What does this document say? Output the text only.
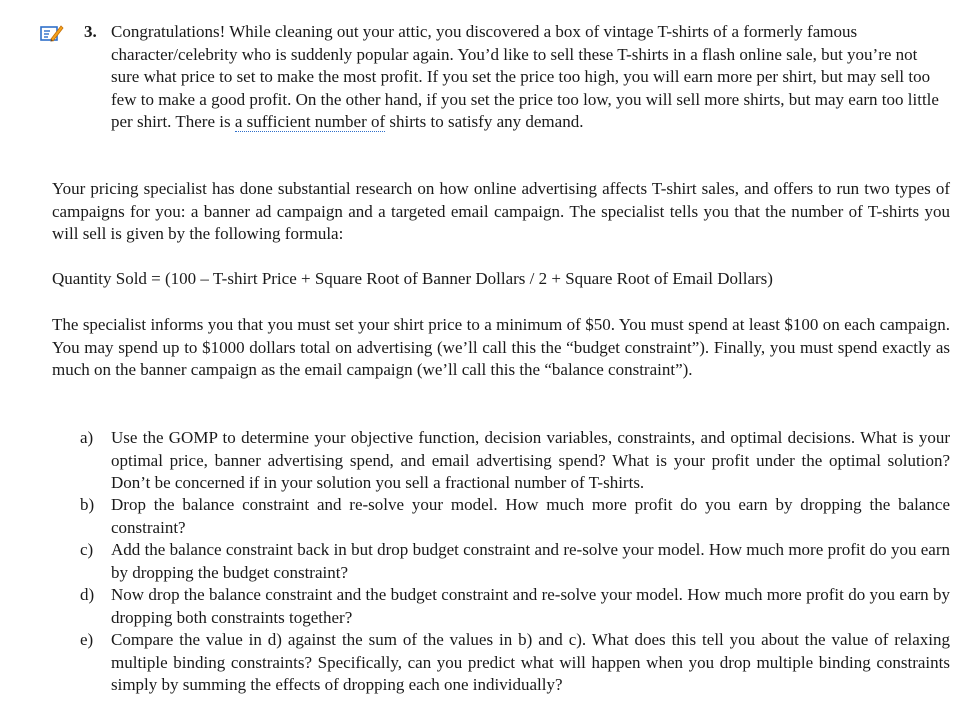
3. Congratulations! While cleaning out your attic, you discovered a box of vintage T-shirts of a formerly famous character/celebrity who is suddenly popular again. You’d like to sell these T-shirts in a flash online sale, but you’re not sure what price to set to make the most profit. If you set the price too high, you will earn more per shirt, but may sell too few to make a good profit. On the other hand, if you set the price too low, you will sell more shirts, but may earn too little per shirt. There is a sufficient number of shirts to satisfy any demand.

Your pricing specialist has done substantial research on how online advertising affects T-shirt sales, and offers to run two types of campaigns for you: a banner ad campaign and a targeted email campaign. The specialist tells you that the number of T-shirts you will sell is given by the following formula:

Quantity Sold = (100 – T-shirt Price + Square Root of Banner Dollars / 2 + Square Root of Email Dollars)

The specialist informs you that you must set your shirt price to a minimum of $50. You must spend at least $100 on each campaign. You may spend up to $1000 dollars total on advertising (we’ll call this the “budget constraint”). Finally, you must spend exactly as much on the banner campaign as the email campaign (we’ll call this the “balance constraint”).

a)	Use the GOMP to determine your objective function, decision variables, constraints, and optimal decisions. What is your optimal price, banner advertising spend, and email advertising spend? What is your profit under the optimal solution? Don’t be concerned if in your solution you sell a fractional number of T-shirts.
b) Drop the balance constraint and re-solve your model. How much more profit do you earn by dropping the balance constraint?
c)	Add the balance constraint back in but drop budget constraint and re-solve your model. How much more profit do you earn by dropping the budget constraint?
d) Now drop the balance constraint and the budget constraint and re-solve your model. How much more profit do you earn by dropping both constraints together?
e)	Compare the value in d) against the sum of the values in b) and c). What does this tell you about the value of relaxing multiple binding constraints? Specifically, can you predict what will happen when you drop multiple binding constraints simply by summing the effects of dropping each one individually?
